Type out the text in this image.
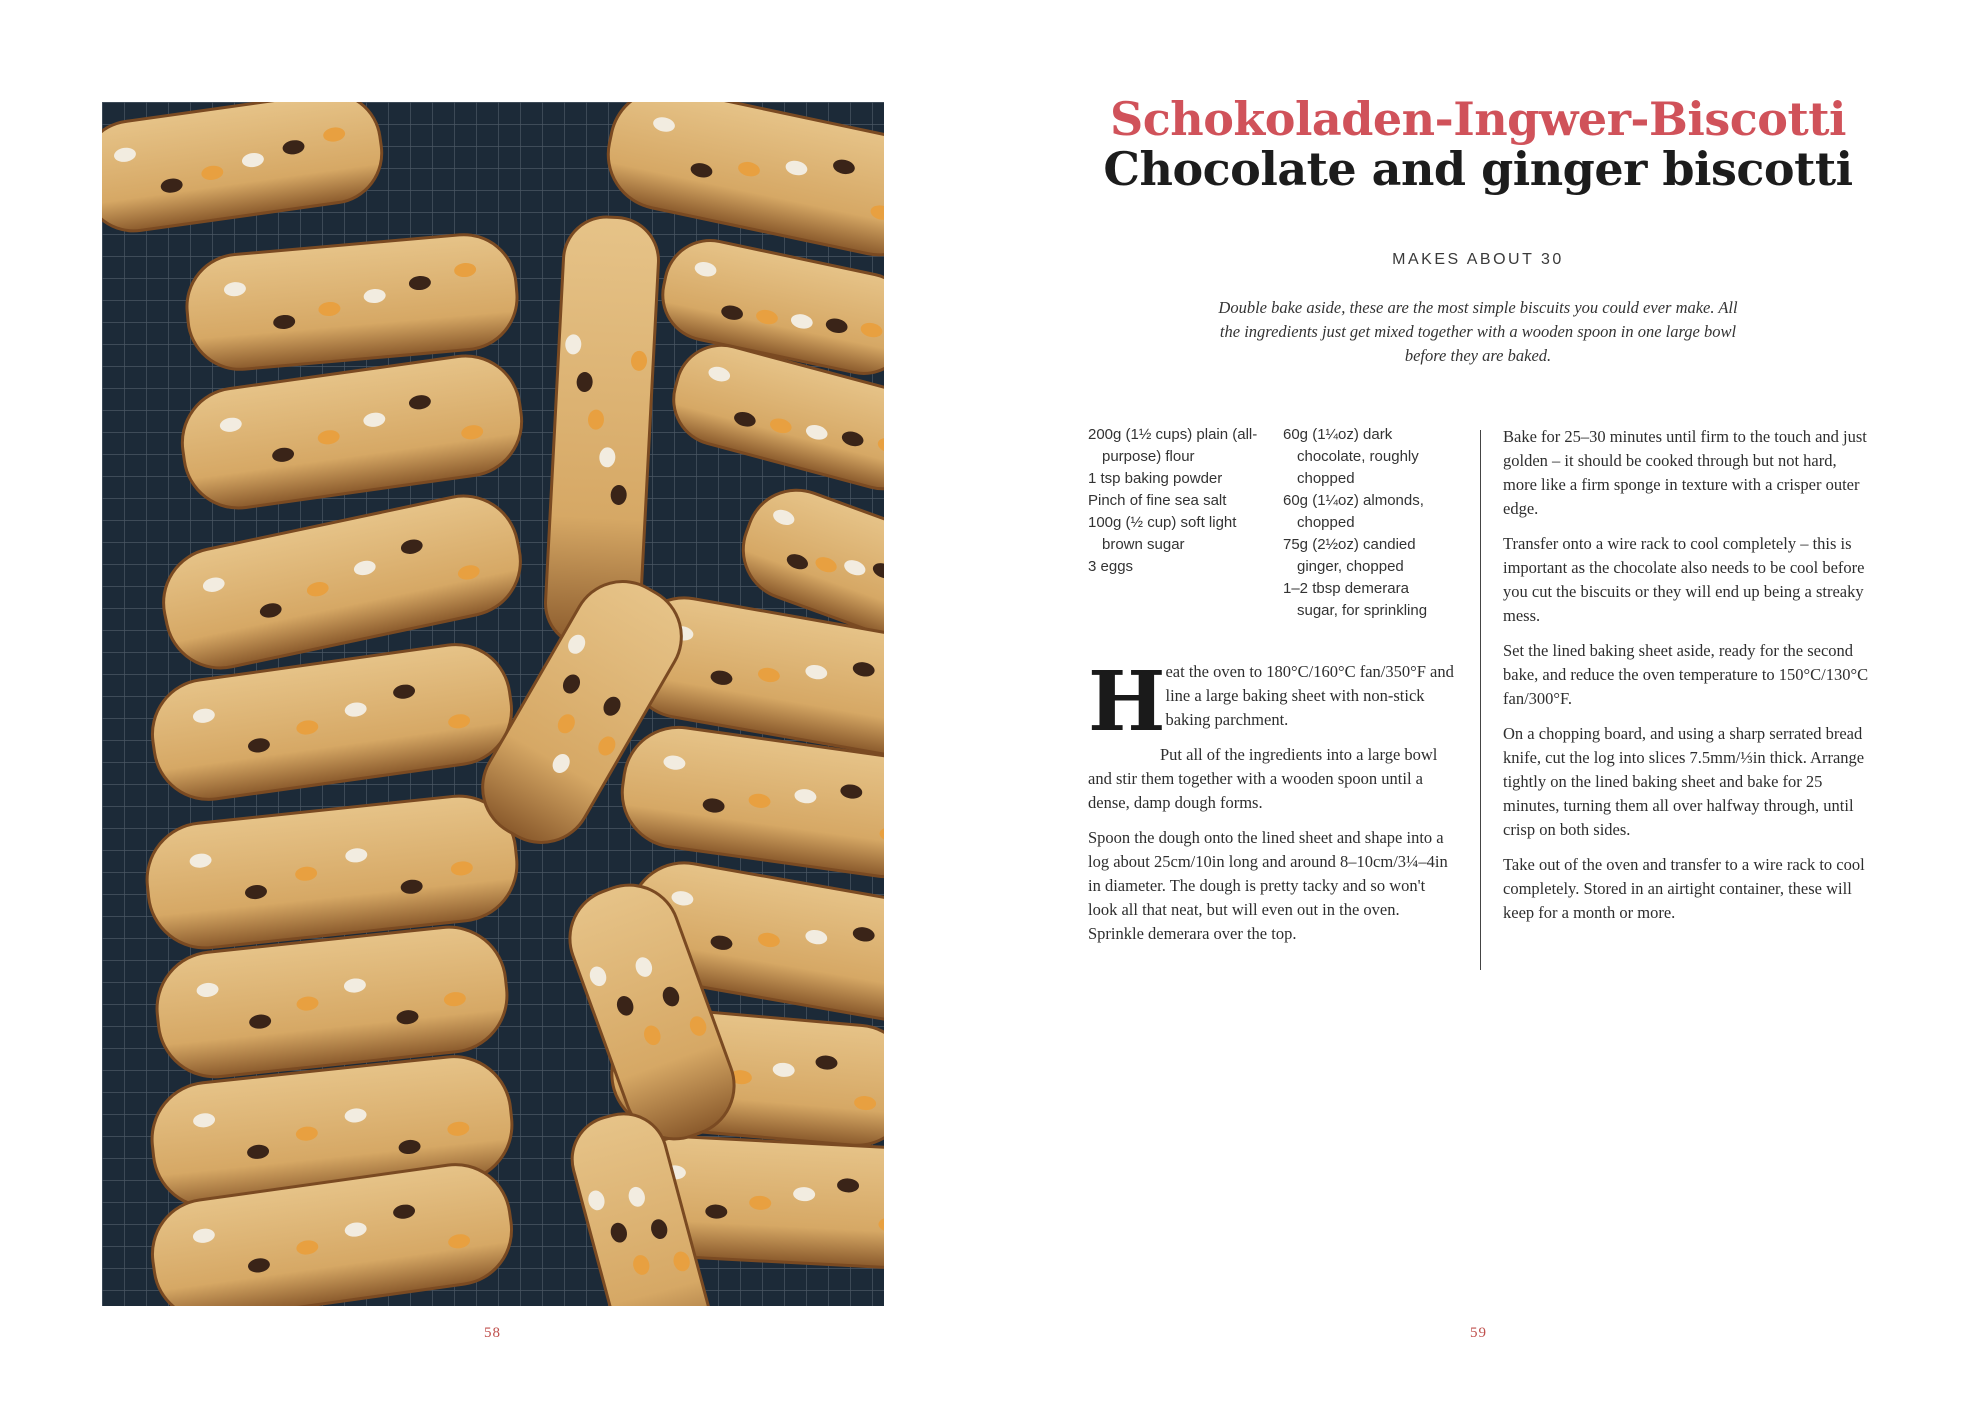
58
Schokoladen-Ingwer-Biscotti
Chocolate and ginger biscotti
MAKES ABOUT 30
Double bake aside, these are the most simple biscuits you could ever make. All the ingredients just get mixed together with a wooden spoon in one large bowl before they are baked.
200g (1½ cups) plain (all-purpose) flour
1 tsp baking powder
Pinch of fine sea salt
100g (½ cup) soft light brown sugar
3 eggs
60g (1¼oz) dark chocolate, roughly chopped
60g (1¼oz) almonds, chopped
75g (2½oz) candied ginger, chopped
1–2 tbsp demerara sugar, for sprinkling
H eat the oven to 180°C/160°C fan/350°F and line a large baking sheet with non-stick baking parchment.

Put all of the ingredients into a large bowl and stir them together with a wooden spoon until a dense, damp dough forms.

Spoon the dough onto the lined sheet and shape into a log about 25cm/10in long and around 8–10cm/3¼–4in in diameter. The dough is pretty tacky and so won't look all that neat, but will even out in the oven. Sprinkle demerara over the top.

Bake for 25–30 minutes until firm to the touch and just golden – it should be cooked through but not hard, more like a firm sponge in texture with a crisper outer edge.

Transfer onto a wire rack to cool completely – this is important as the chocolate also needs to be cool before you cut the biscuits or they will end up being a streaky mess.

Set the lined baking sheet aside, ready for the second bake, and reduce the oven temperature to 150°C/130°C fan/300°F.

On a chopping board, and using a sharp serrated bread knife, cut the log into slices 7.5mm/⅓in thick. Arrange tightly on the lined baking sheet and bake for 25 minutes, turning them all over halfway through, until crisp on both sides.

Take out of the oven and transfer to a wire rack to cool completely. Stored in an airtight container, these will keep for a month or more.

59
